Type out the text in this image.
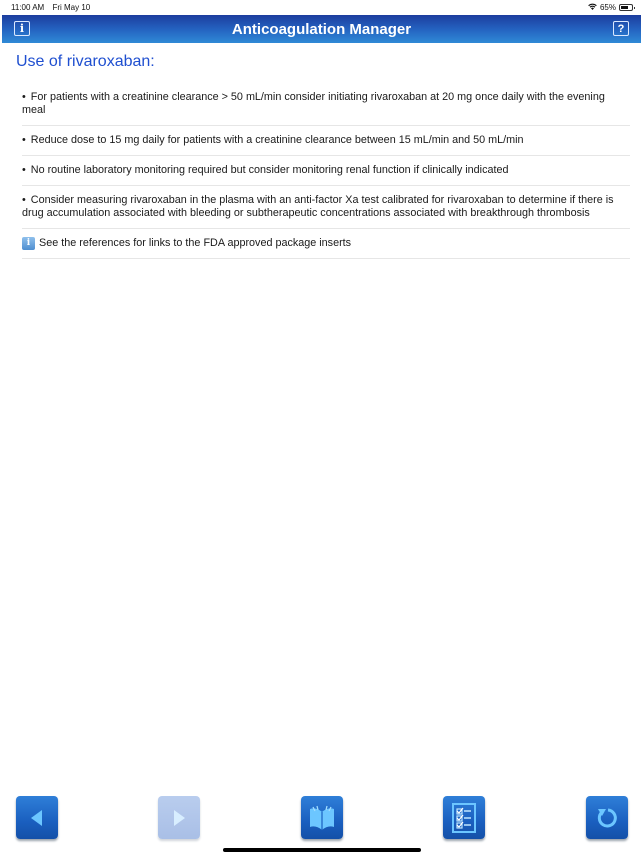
11:00 AM Fri May 10	65%
i	Anticoagulation Manager	?
Use of rivaroxaban:
• For patients with a creatinine clearance > 50 mL/min consider initiating rivaroxaban at 20 mg once daily with the evening meal
• Reduce dose to 15 mg daily for patients with a creatinine clearance between 15 mL/min and 50 mL/min
• No routine laboratory monitoring required but consider monitoring renal function if clinically indicated
• Consider measuring rivaroxaban in the plasma with an anti-factor Xa test calibrated for rivaroxaban to determine if there is drug accumulation associated with bleeding or subtherapeutic concentrations associated with breakthrough thrombosis
i See the references for links to the FDA approved package inserts
